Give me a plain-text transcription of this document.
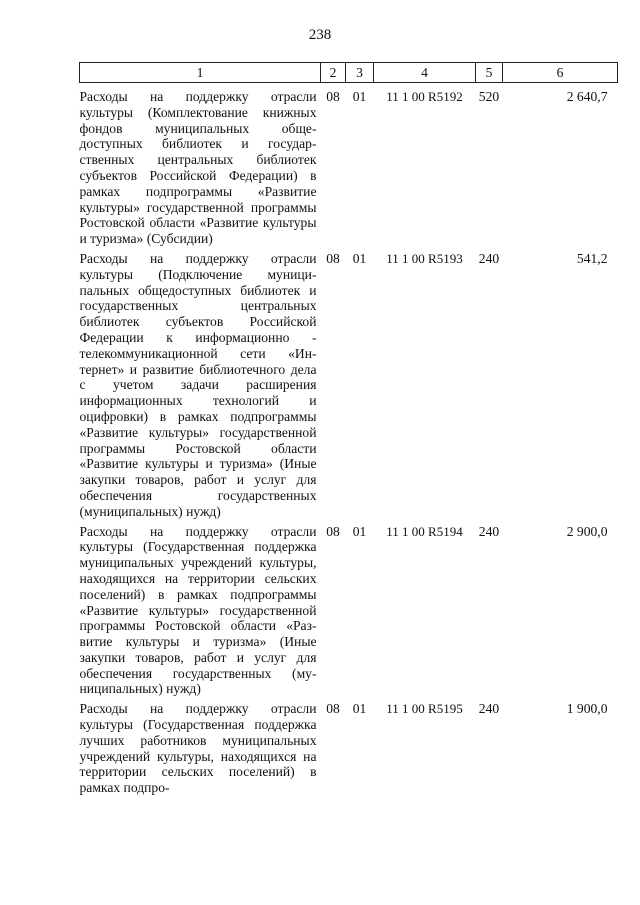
238
1	2	3	4	5	6
Расходы на поддержку отрасли культуры (Комплектование книжных фондов муниципальных общедоступных библиотек и государственных центральных библиотек субъектов Российской Федерации) в рамках подпрограммы «Развитие культуры» государственной программы Ростовской области «Развитие культуры и туризма» (Субсидии)	08	01	11 1 00 R5192	520	2 640,7
Расходы на поддержку отрасли культуры (Подключение муниципальных общедоступных библиотек и государственных центральных библиотек субъектов Российской Федерации к информационно - телекоммуникационной сети «Интернет» и развитие библиотечного дела с учетом задачи расширения информационных технологий и оцифровки) в рамках подпрограммы «Развитие культуры» государственной программы Ростовской области «Развитие культуры и туризма» (Иные закупки товаров, работ и услуг для обеспечения государственных (муниципальных) нужд)	08	01	11 1 00 R5193	240	541,2
Расходы на поддержку отрасли культуры (Государственная поддержка муниципальных учреждений культуры, находящихся на территории сельских поселений) в рамках подпрограммы «Развитие культуры» государственной программы Ростовской области «Развитие культуры и туризма» (Иные закупки товаров, работ и услуг для обеспечения государственных (муниципальных) нужд)	08	01	11 1 00 R5194	240	2 900,0
Расходы на поддержку отрасли культуры (Государственная поддержка лучших работников муниципальных учреждений культуры, находящихся на территории сельских поселений) в рамках подпро-	08	01	11 1 00 R5195	240	1 900,0
